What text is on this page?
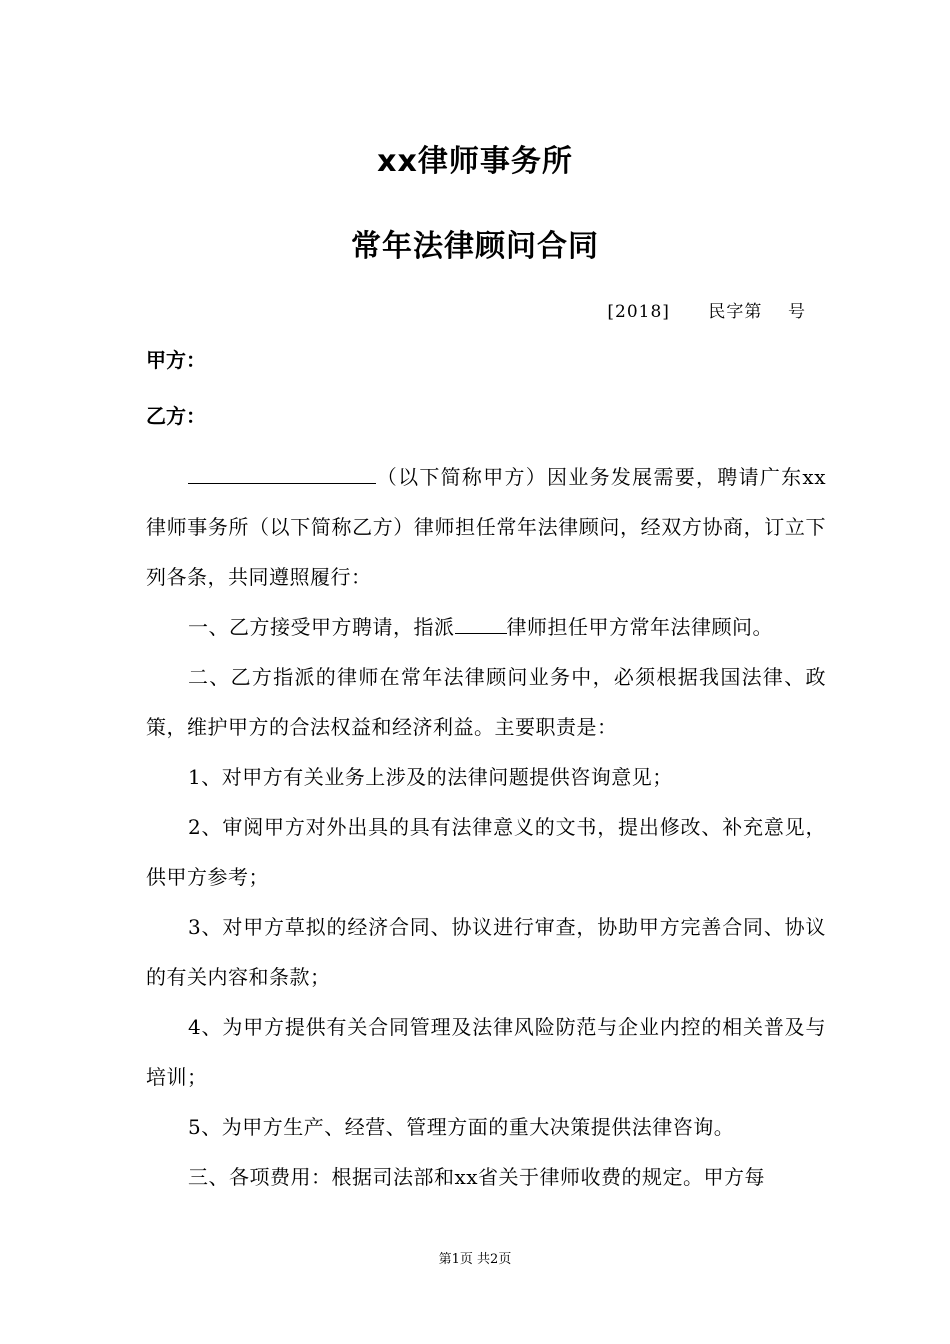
xx律师事务所
常年法律顾问合同
[2018] 民字第 号
甲方：
乙方：

（以下简称甲方）因业务发展需要，聘请广东xx律师事务所（以下简称乙方）律师担任常年法律顾问，经双方协商，订立下列各条，共同遵照履行：

一、乙方接受甲方聘请，指派	律师担任甲方常年法律顾问。

二、乙方指派的律师在常年法律顾问业务中，必须根据我国法律、政策，维护甲方的合法权益和经济利益。主要职责是：

1、对甲方有关业务上涉及的法律问题提供咨询意见；

2、审阅甲方对外出具的具有法律意义的文书，提出修改、补充意见，供甲方参考；

3、对甲方草拟的经济合同、协议进行审查，协助甲方完善合同、协议的有关内容和条款；

4、为甲方提供有关合同管理及法律风险防范与企业内控的相关普及与培训；

5、为甲方生产、经营、管理方面的重大决策提供法律咨询。

三、各项费用：根据司法部和xx省关于律师收费的规定。甲方每

第1页 共2页
